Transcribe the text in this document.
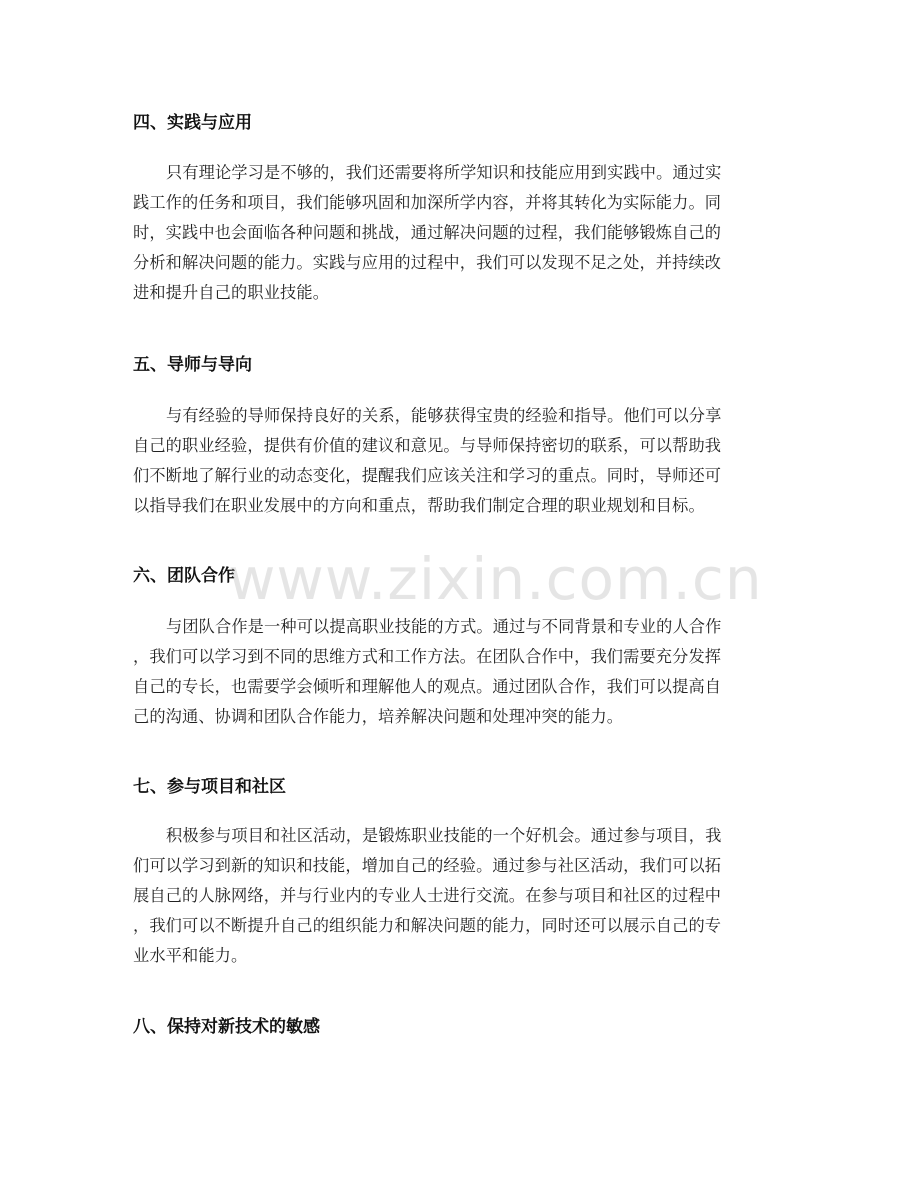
四、实践与应用
只有理论学习是不够的，我们还需要将所学知识和技能应用到实践中。通过实
践工作的任务和项目，我们能够巩固和加深所学内容，并将其转化为实际能力。同
时，实践中也会面临各种问题和挑战，通过解决问题的过程，我们能够锻炼自己的
分析和解决问题的能力。实践与应用的过程中，我们可以发现不足之处，并持续改
进和提升自己的职业技能。
五、导师与导向
与有经验的导师保持良好的关系，能够获得宝贵的经验和指导。他们可以分享
自己的职业经验，提供有价值的建议和意见。与导师保持密切的联系，可以帮助我
们不断地了解行业的动态变化，提醒我们应该关注和学习的重点。同时，导师还可
以指导我们在职业发展中的方向和重点，帮助我们制定合理的职业规划和目标。
六、团队合作
与团队合作是一种可以提高职业技能的方式。通过与不同背景和专业的人合作
，我们可以学习到不同的思维方式和工作方法。在团队合作中，我们需要充分发挥
自己的专长，也需要学会倾听和理解他人的观点。通过团队合作，我们可以提高自
己的沟通、协调和团队合作能力，培养解决问题和处理冲突的能力。
七、参与项目和社区
积极参与项目和社区活动，是锻炼职业技能的一个好机会。通过参与项目，我
们可以学习到新的知识和技能，增加自己的经验。通过参与社区活动，我们可以拓
展自己的人脉网络，并与行业内的专业人士进行交流。在参与项目和社区的过程中
，我们可以不断提升自己的组织能力和解决问题的能力，同时还可以展示自己的专
业水平和能力。
八、保持对新技术的敏感
www.zixin.com.cn
